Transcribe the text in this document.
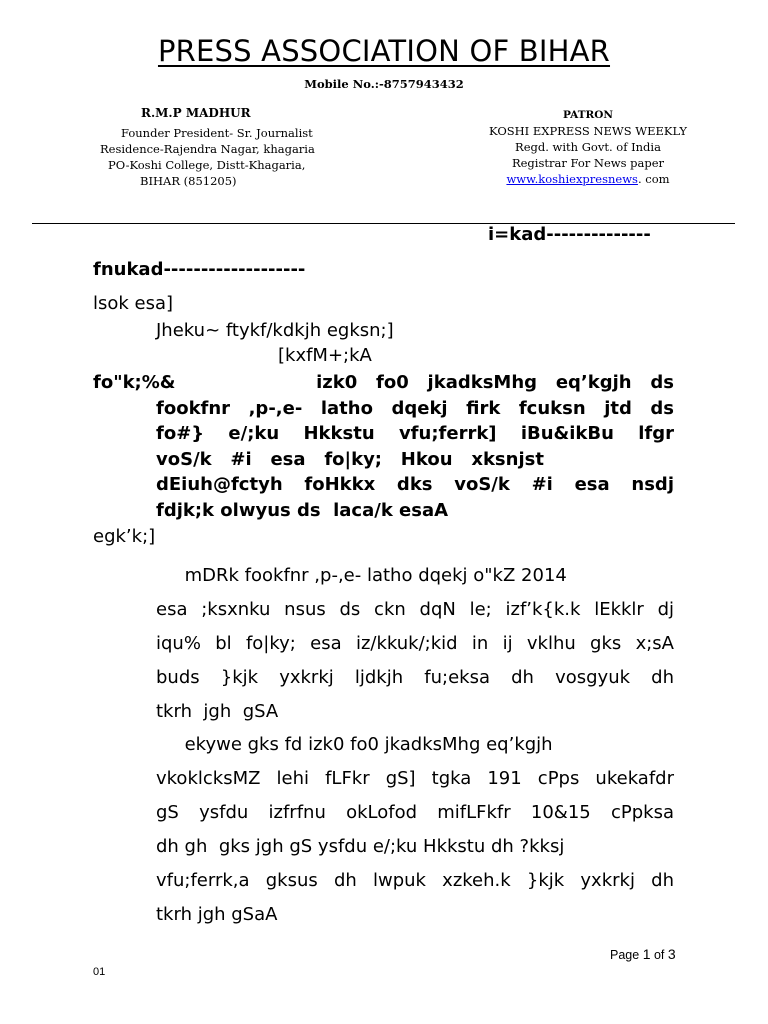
PRESS ASSOCIATION OF BIHAR
Mobile No.:-8757943432
R.M.P MADHUR
Founder President- Sr. Journalist
Residence-Rajendra Nagar, khagaria
PO-Koshi College, Distt-Khagaria,
BIHAR (851205)
PATRON
KOSHI EXPRESS NEWS WEEKLY
Regd. with Govt. of India
Registrar For News paper
www.koshiexpresnews. com
i=kad--------------
fnukad-------------------
lsok esa]
Jheku~ ftykf/kdkjh egksn;]
[kxfM+;kA
fo"k;%&	izk0   fo0   jkadksMhg   eq’kgjh   ds
fookfnr ,p-,e- latho dqekj firk fcuksn jtd ds
fo#} e/;ku Hkkstu vfu;ferrk] iBu&ikBu lfgr
voS/k   #i   esa   fo|ky;   Hkou   xksnjst
dEiuh@fctyh foHkkx dks voS/k #i esa nsdj
fdjk;k olwyus ds  laca/k esaA
egk’k;]
mDRk fookfnr ,p-,e- latho dqekj o"kZ 2014
esa ;ksxnku nsus ds ckn dqN le; izf’k{k.k lEkklr dj
iqu% bl fo|ky; esa iz/kkuk/;kid in ij vklhu gks x;sA
buds }kjk yxkrkj ljdkjh fu;eksa dh vosgyuk dh
tkrh  jgh  gSA
ekywe gks fd izk0 fo0 jkadksMhg eq’kgjh
vkoklcksMZ lehi fLFkr gS] tgka 191 cPps ukekafdr
gS ysfdu izfrfnu okLofod mifLFkfr 10&15 cPpksa
dh gh  gks jgh gS ysfdu e/;ku Hkkstu dh ?kksj
vfu;ferrk,a gksus dh lwpuk xzkeh.k }kjk yxkrkj dh
tkrh jgh gSaA
Page 1 of 3
01
